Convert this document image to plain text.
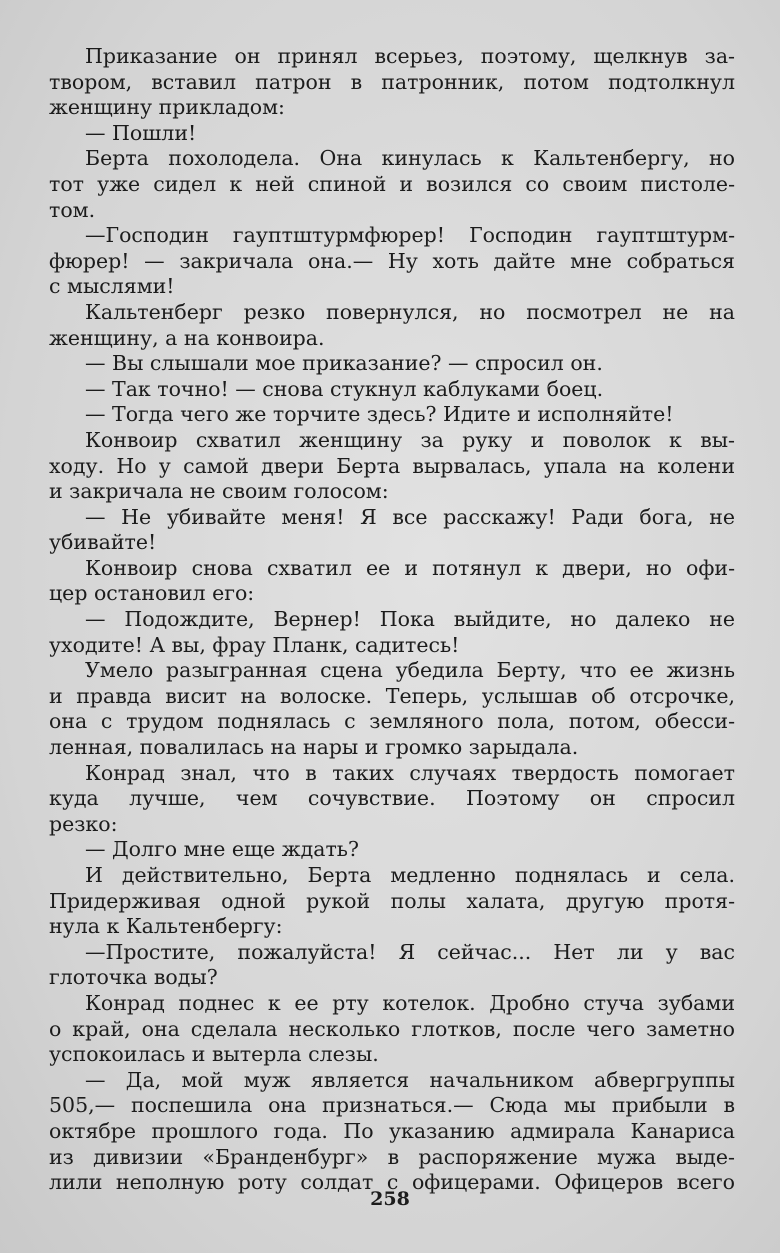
Приказание он принял всерьез, поэтому, щелкнув за-
твором, вставил патрон в патронник, потом подтолкнул
женщину прикладом:
— Пошли!
Берта похолодела. Она кинулась к Кальтенбергу, но
тот уже сидел к ней спиной и возился со своим пистоле-
том.
—Господин гауптштурмфюрер! Господин гауптштурм-
фюрер! — закричала она.— Ну хоть дайте мне собраться
с мыслями!
Кальтенберг резко повернулся, но посмотрел не на
женщину, а на конвоира.
— Вы слышали мое приказание? — спросил он.
— Так точно! — снова стукнул каблуками боец.
— Тогда чего же торчите здесь? Идите и исполняйте!
Конвоир схватил женщину за руку и поволок к вы-
ходу. Но у самой двери Берта вырвалась, упала на колени
и закричала не своим голосом:
— Не убивайте меня! Я все расскажу! Ради бога, не
убивайте!
Конвоир снова схватил ее и потянул к двери, но офи-
цер остановил его:
— Подождите, Вернер! Пока выйдите, но далеко не
уходите! А вы, фрау Планк, садитесь!
Умело разыгранная сцена убедила Берту, что ее жизнь
и правда висит на волоске. Теперь, услышав об отсрочке,
она с трудом поднялась с земляного пола, потом, обесси-
ленная, повалилась на нары и громко зарыдала.
Конрад знал, что в таких случаях твердость помогает
куда лучше, чем сочувствие. Поэтому он спросил
резко:
— Долго мне еще ждать?
И действительно, Берта медленно поднялась и села.
Придерживая одной рукой полы халата, другую протя-
нула к Кальтенбергу:
—Простите, пожалуйста! Я сейчас... Нет ли у вас
глоточка воды?
Конрад поднес к ее рту котелок. Дробно стуча зубами
о край, она сделала несколько глотков, после чего заметно
успокоилась и вытерла слезы.
— Да, мой муж является начальником абвергруппы
505,— поспешила она признаться.— Сюда мы прибыли в
октябре прошлого года. По указанию адмирала Канариса
из дивизии «Бранденбург» в распоряжение мужа выде-
лили неполную роту солдат с офицерами. Офицеров всего
258
